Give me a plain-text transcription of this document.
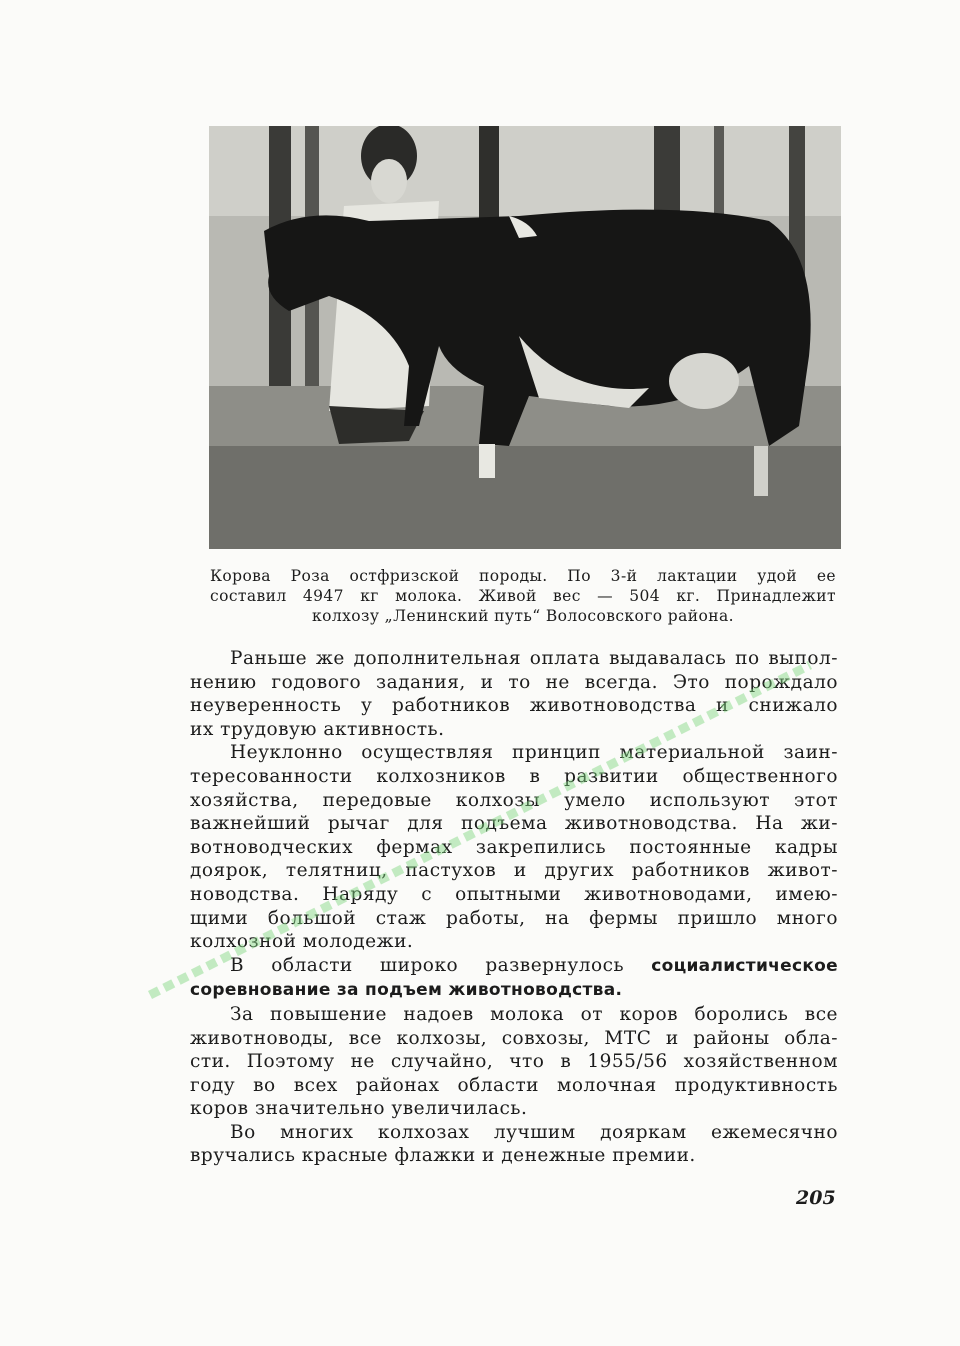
Корова Роза остфризской породы. По 3-й лактации удой ее
составил 4947 кг молока. Живой вес — 504 кг. Принадлежит
колхозу „Ленинский путь“ Волосовского района.

Раньше же дополнительная оплата выдавалась по выпол-
нению годового задания, и то не всегда. Это порождало
неуверенность у работников животноводства и снижало
их трудовую активность.

Неуклонно осуществляя принцип материальной заин-
тересованности колхозников в развитии общественного
хозяйства, передовые колхозы умело используют этот
важнейший рычаг для подъема животноводства. На жи-
вотноводческих фермах закрепились постоянные кадры
доярок, телятниц, пастухов и других работников живот-
новодства. Наряду с опытными животноводами, имею-
щими большой стаж работы, на фермы пришло много
колхозной молодежи.

В области широко развернулось социалистическое
соревнование за подъем животноводства.

За повышение надоев молока от коров боролись все
животноводы, все колхозы, совхозы, МТС и районы обла-
сти. Поэтому не случайно, что в 1955/56 хозяйственном
году во всех районах области молочная продуктивность
коров значительно увеличилась.

Во многих колхозах лучшим дояркам ежемесячно
вручались красные флажки и денежные премии.

205
